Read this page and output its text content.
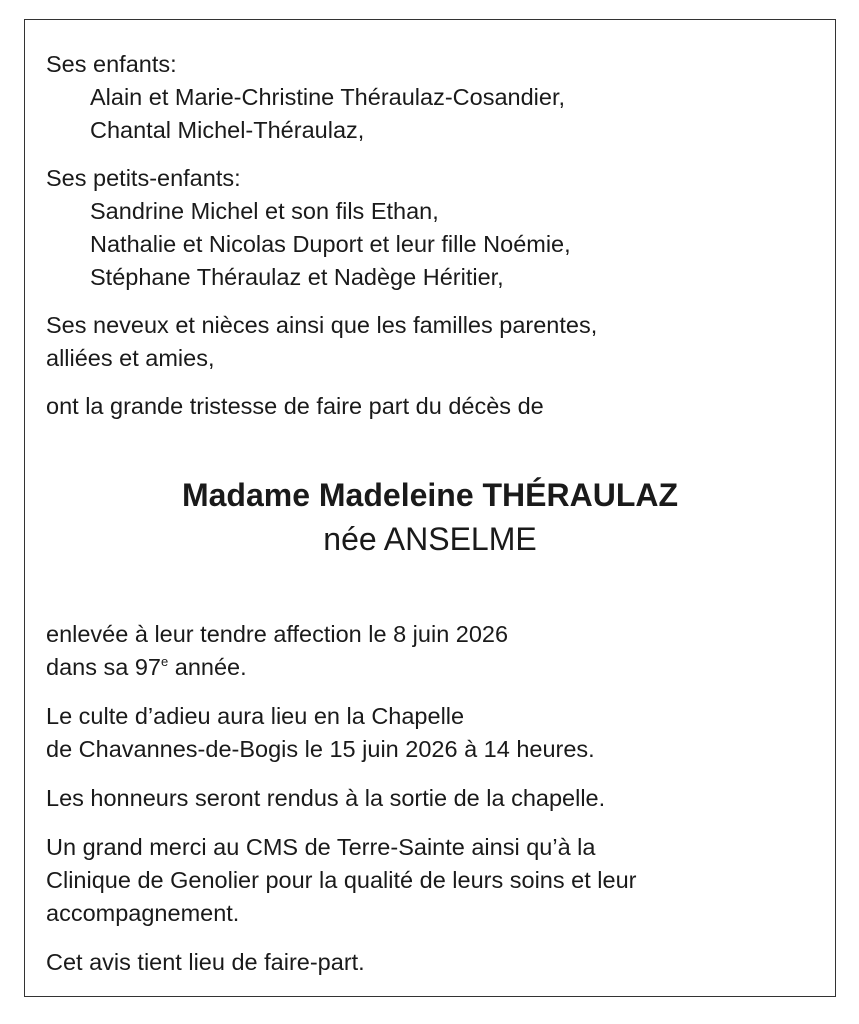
Ses enfants:
Alain et Marie-Christine Théraulaz-Cosandier,
Chantal Michel-Théraulaz,
Ses petits-enfants:
Sandrine Michel et son fils Ethan,
Nathalie et Nicolas Duport et leur fille Noémie,
Stéphane Théraulaz et Nadège Héritier,
Ses neveux et nièces ainsi que les familles parentes,
alliées et amies,
ont la grande tristesse de faire part du décès de
Madame Madeleine THÉRAULAZ
née ANSELME
enlevée à leur tendre affection le 8 juin 2026
dans sa 97e année.
Le culte d’adieu aura lieu en la Chapelle
de Chavannes-de-Bogis le 15 juin 2026 à 14 heures.
Les honneurs seront rendus à la sortie de la chapelle.
Un grand merci au CMS de Terre-Sainte ainsi qu’à la
Clinique de Genolier pour la qualité de leurs soins et leur
accompagnement.
Cet avis tient lieu de faire-part.
